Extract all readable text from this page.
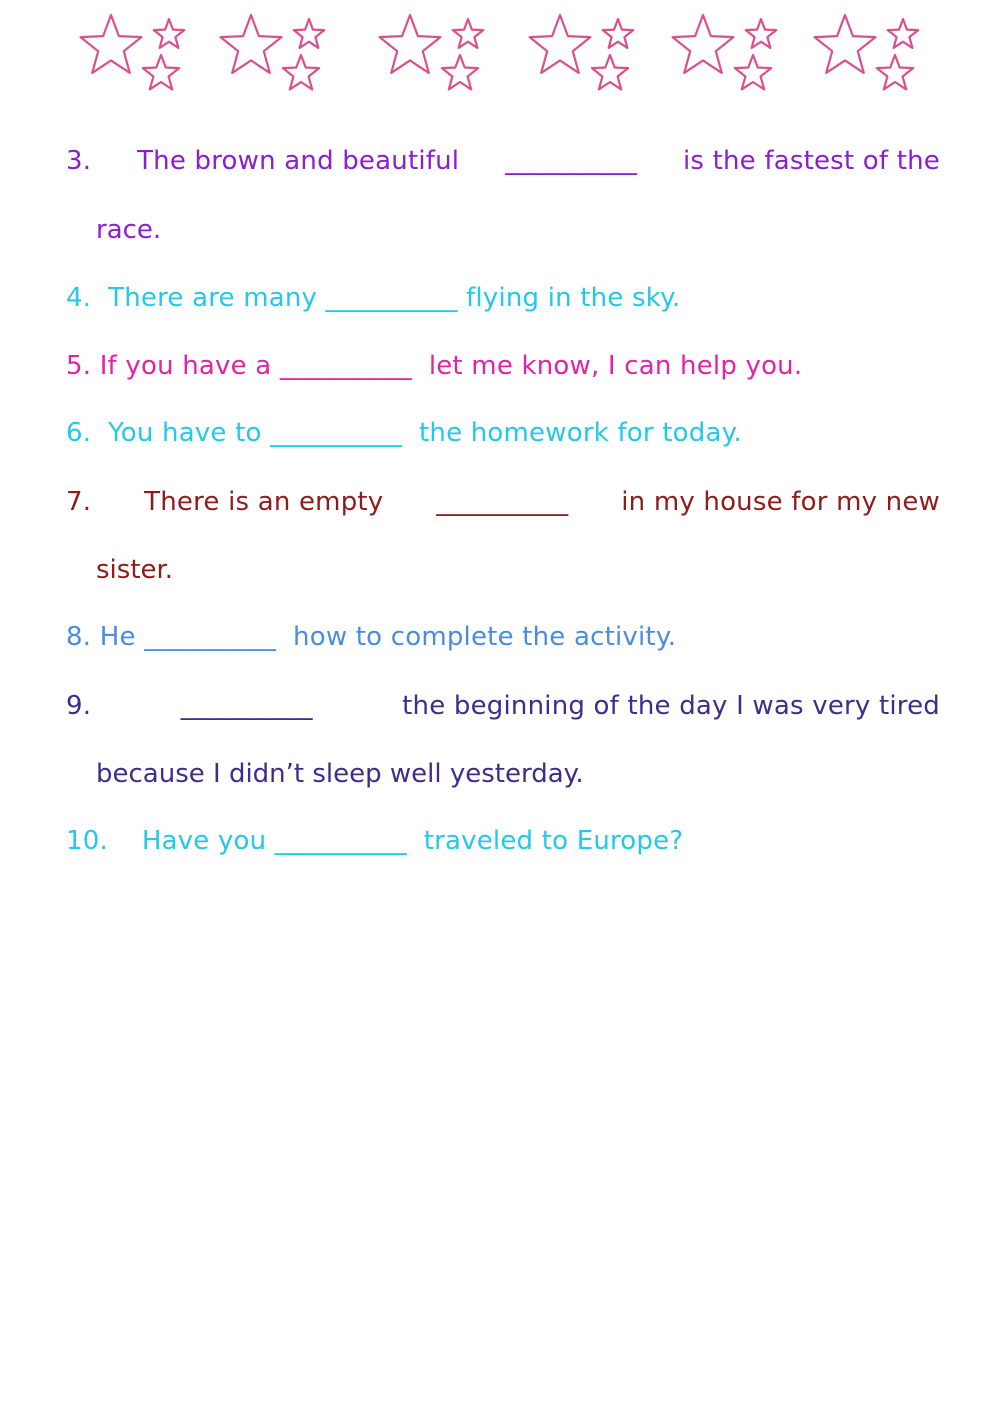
3. The brown and beautiful __________ is the fastest of the
race.
4. There are many __________ flying in the sky.
5. If you have a __________ let me know, I can help you.
6. You have to __________ the homework for today.
7. There is an empty __________ in my house for my new
sister.
8. He __________ how to complete the activity.
9.	__________	the beginning of the day I was very tired
because I didn’t sleep well yesterday.
10. Have you __________ traveled to Europe?
